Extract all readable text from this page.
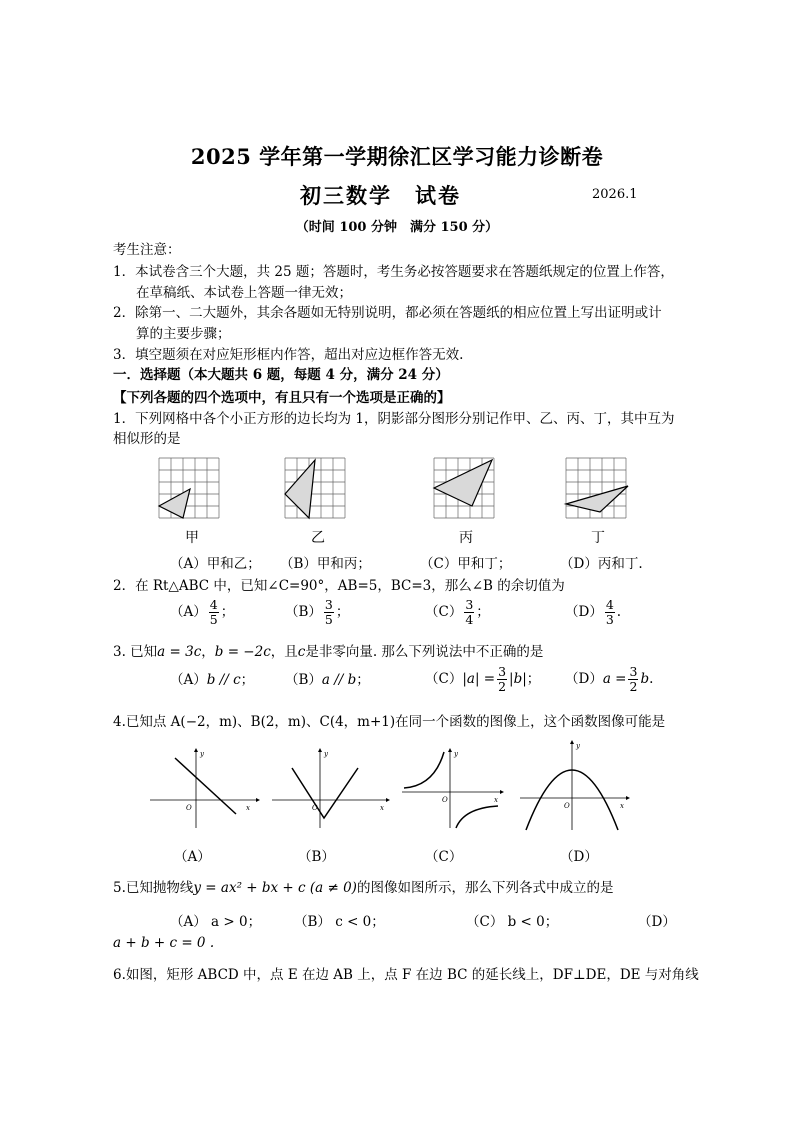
2025 学年第一学期徐汇区学习能力诊断卷
初三数学　试卷	2026.1
（时间 100 分钟　满分 150 分）
考生注意：
1．本试卷含三个大题，共 25 题；答题时，考生务必按答题要求在答题纸规定的位置上作答，
在草稿纸、本试卷上答题一律无效；
2．除第一、二大题外，其余各题如无特别说明，都必须在答题纸的相应位置上写出证明或计
算的主要步骤；
3．填空题须在对应矩形框内作答，超出对应边框作答无效.
一．选择题（本大题共 6 题，每题 4 分，满分 24 分）
【下列各题的四个选项中，有且只有一个选项是正确的】
1．下列网格中各个小正方形的边长均为 1，阴影部分图形分别记作甲、乙、丙、丁，其中互为
相似形的是
甲	乙	丙	丁
（A）甲和乙； （B）甲和丙；	（C）甲和丁；	（D）丙和丁.
2．在 Rt△ABC 中，已知∠C=90°，AB=5，BC=3，那么∠B 的余切值为
$(A) \frac{4}{5}$ ；	$(B) \frac{3}{5}$ ；	$(C) \frac{3}{4}$ ；	$(D) \frac{4}{3}$ .
3. 已知a = 3c，b = −2c，且c是非零向量. 那么下列说法中不正确的是
（A）b // c； （B）a // b；	$(C)|a| = \frac{3}{2} |b|$； $(D)a = \frac{3}{2} b$.
4.已知点 A(−2，m)、B(2，m)、C(4，m+1)在同一个函数的图像上，这个函数图像可能是
y
x
O
y
x
O
y
x
O
y
x
O
（A）	（B）	（C）	（D）
5.已知抛物线y = ax² + bx + c (a ≠ 0)的图像如图所示，那么下列各式中成立的是
（A） a > 0； （B） c < 0；	（C） b < 0；	（D）
a + b + c = 0 .
6.如图，矩形 ABCD 中，点 E 在边 AB 上，点 F 在边 BC 的延长线上，DF⊥DE，DE 与对角线
